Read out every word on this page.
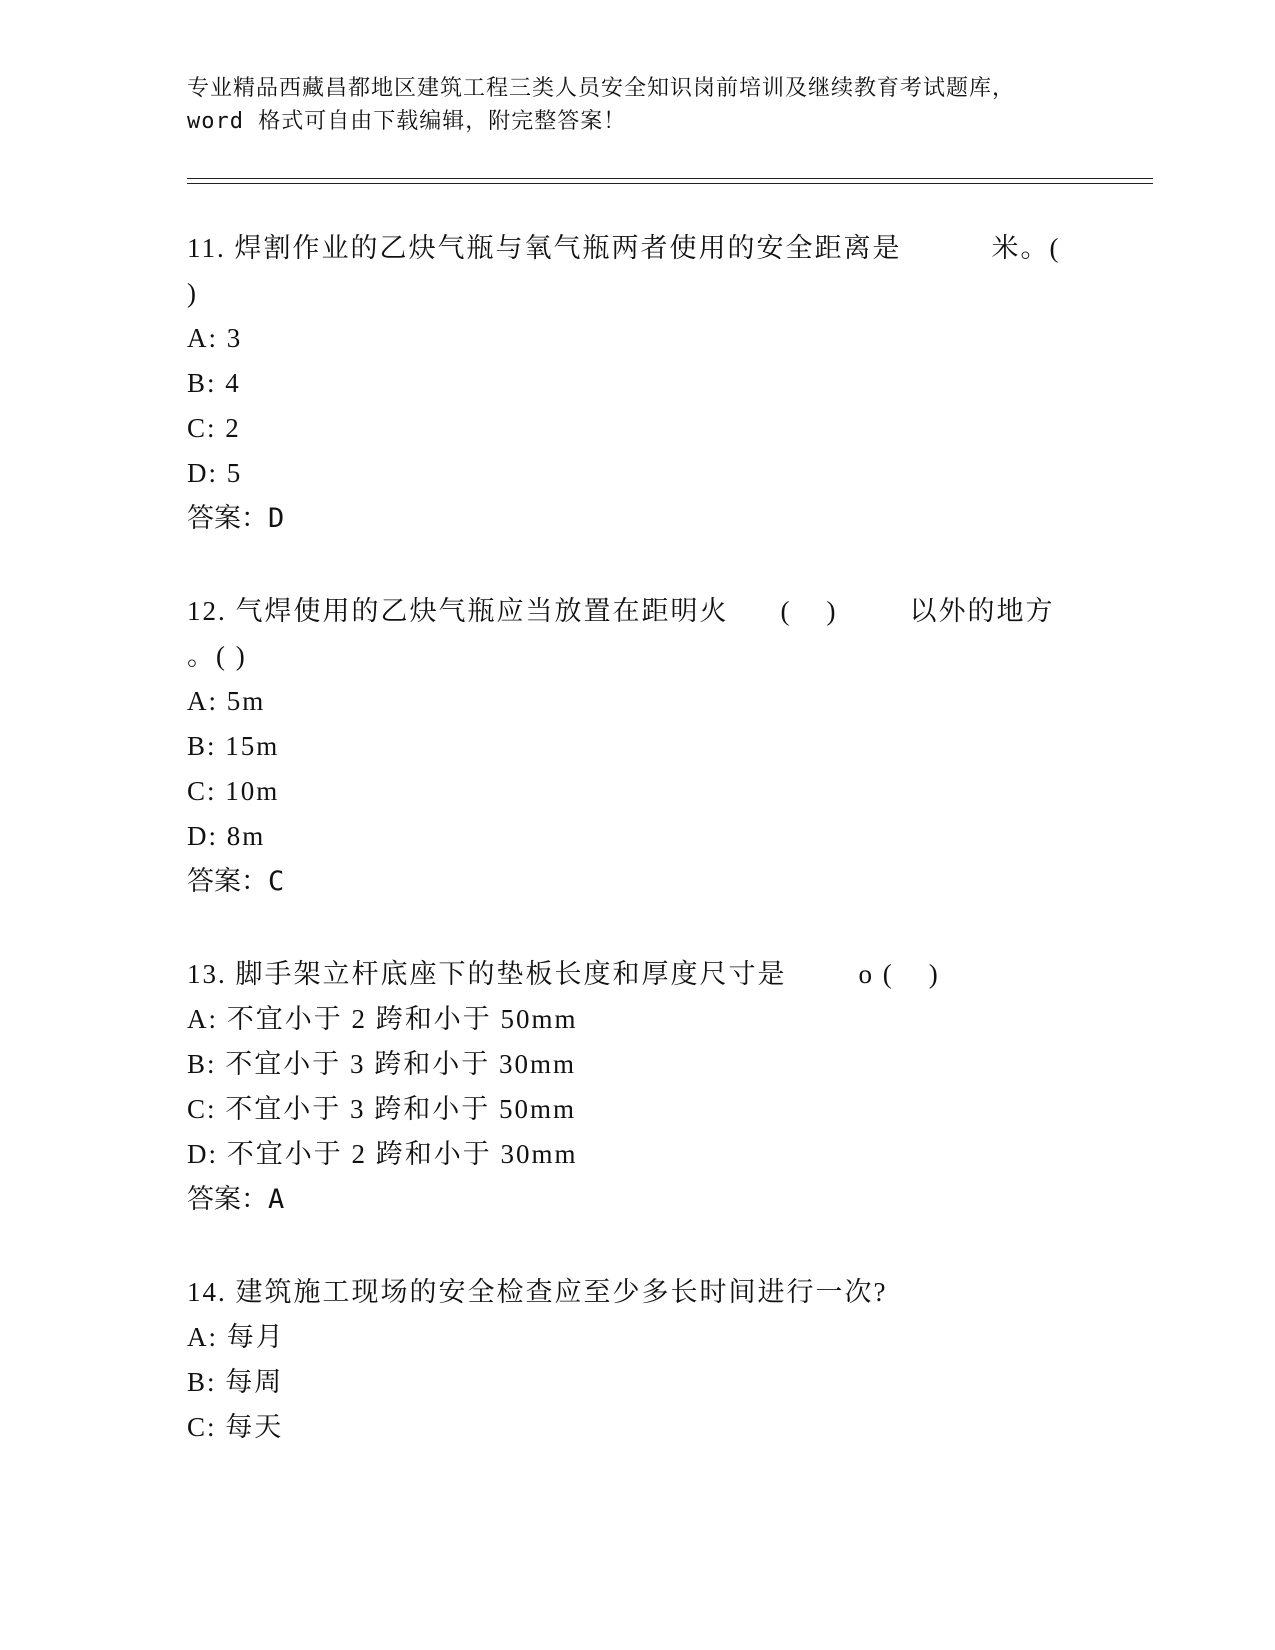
专业精品西藏昌都地区建筑工程三类人员安全知识岗前培训及继续教育考试题库，
word 格式可自由下载编辑，附完整答案！
11. 焊割作业的乙炔气瓶与氧气瓶两者使用的安全距离是	米。(
)
A: 3
B: 4
C: 2
D: 5
答案：D
12. 气焊使用的乙炔气瓶应当放置在距明火 (    )	以外的地方
。( )
A: 5m
B: 15m
C: 10m
D: 8m
答案：C
13. 脚手架立杆底座下的垫板长度和厚度尺寸是	o (    )
A: 不宜小于 2 跨和小于 50mm
B: 不宜小于 3 跨和小于 30mm
C: 不宜小于 3 跨和小于 50mm
D: 不宜小于 2 跨和小于 30mm
答案：A
14. 建筑施工现场的安全检查应至少多长时间进行一次?
A: 每月
B: 每周
C: 每天
